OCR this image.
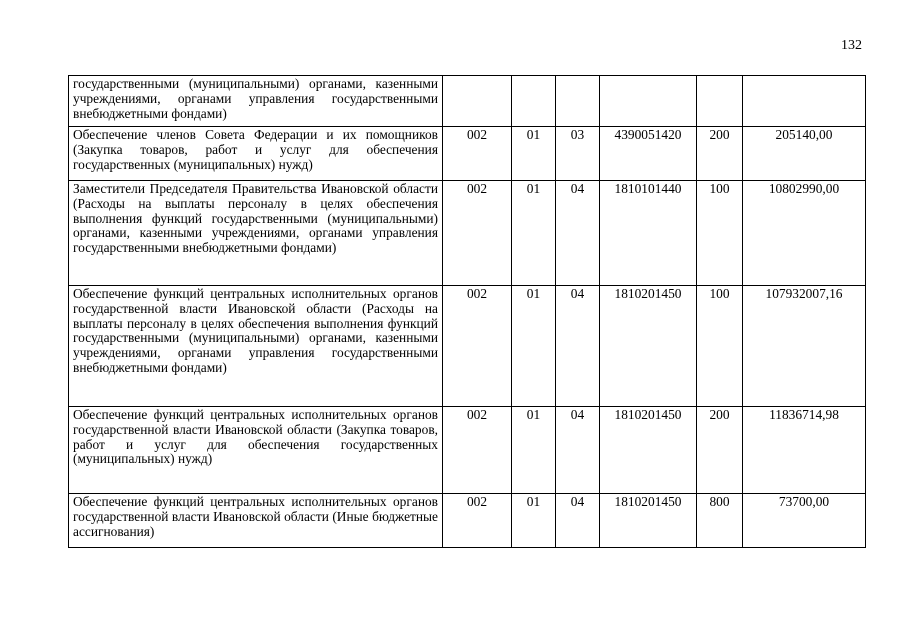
132
государственными (муниципальными) органами, казенными учреждениями, органами управления государственными внебюджетными фондами)						
Обеспечение членов Совета Федерации и их помощников (Закупка товаров, работ и услуг для обеспечения государственных (муниципальных) нужд)	002	01	03	4390051420	200	205140,00
Заместители Председателя Правительства Ивановской области (Расходы на выплаты персоналу в целях обеспечения выполнения функций государственными (муниципальными) органами, казенными учреждениями, органами управления государственными внебюджетными фондами)	002	01	04	1810101440	100	10802990,00
Обеспечение функций центральных исполнительных органов государственной власти Ивановской области (Расходы на выплаты персоналу в целях обеспечения выполнения функций государственными (муниципальными) органами, казенными учреждениями, органами управления государственными внебюджетными фондами)	002	01	04	1810201450	100	107932007,16
Обеспечение функций центральных исполнительных органов государственной власти Ивановской области (Закупка товаров, работ и услуг для обеспечения государственных (муниципальных) нужд)	002	01	04	1810201450	200	11836714,98
Обеспечение функций центральных исполнительных органов государственной власти Ивановской области (Иные бюджетные ассигнования)	002	01	04	1810201450	800	73700,00
